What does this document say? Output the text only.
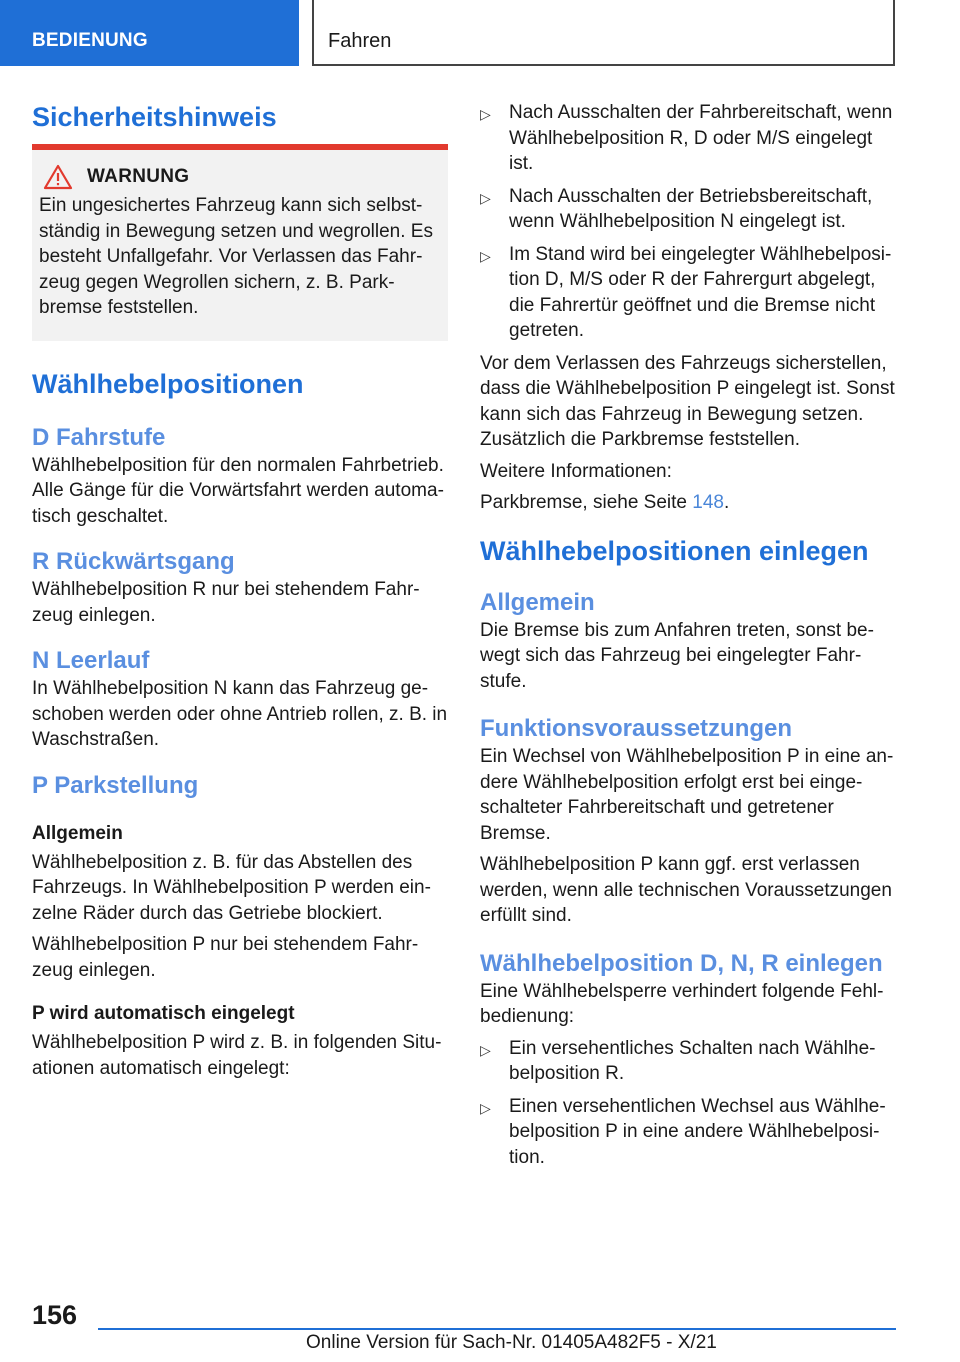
BEDIENUNG	Fahren
Sicherheitshinweis
WARNUNG
Ein ungesichertes Fahrzeug kann sich selbstständig in Bewegung setzen und wegrollen. Es besteht Unfallgefahr. Vor Verlassen das Fahrzeug gegen Wegrollen sichern, z. B. Parkbremse feststellen.
Wählhebelpositionen
D Fahrstufe
Wählhebelposition für den normalen Fahrbetrieb. Alle Gänge für die Vorwärtsfahrt werden automatisch geschaltet.
R Rückwärtsgang
Wählhebelposition R nur bei stehendem Fahrzeug einlegen.
N Leerlauf
In Wählhebelposition N kann das Fahrzeug geschoben werden oder ohne Antrieb rollen, z. B. in Waschstraßen.
P Parkstellung
Allgemein
Wählhebelposition z. B. für das Abstellen des Fahrzeugs. In Wählhebelposition P werden einzelne Räder durch das Getriebe blockiert.
Wählhebelposition P nur bei stehendem Fahrzeug einlegen.
P wird automatisch eingelegt
Wählhebelposition P wird z. B. in folgenden Situationen automatisch eingelegt:
▷ Nach Ausschalten der Fahrbereitschaft, wenn Wählhebelposition R, D oder M/S eingelegt ist.
▷ Nach Ausschalten der Betriebsbereitschaft, wenn Wählhebelposition N eingelegt ist.
▷ Im Stand wird bei eingelegter Wählhebelposition D, M/S oder R der Fahrergurt abgelegt, die Fahrertür geöffnet und die Bremse nicht getreten.
Vor dem Verlassen des Fahrzeugs sicherstellen, dass die Wählhebelposition P eingelegt ist. Sonst kann sich das Fahrzeug in Bewegung setzen. Zusätzlich die Parkbremse feststellen.
Weitere Informationen:
Parkbremse, siehe Seite 148.
Wählhebelpositionen einlegen
Allgemein
Die Bremse bis zum Anfahren treten, sonst bewegt sich das Fahrzeug bei eingelegter Fahrstufe.
Funktionsvoraussetzungen
Ein Wechsel von Wählhebelposition P in eine andere Wählhebelposition erfolgt erst bei eingeschalteter Fahrbereitschaft und getretener Bremse.
Wählhebelposition P kann ggf. erst verlassen werden, wenn alle technischen Voraussetzungen erfüllt sind.
Wählhebelposition D, N, R einlegen
Eine Wählhebelsperre verhindert folgende Fehlbedienung:
▷ Ein versehentliches Schalten nach Wählhebelposition R.
▷ Einen versehentlichen Wechsel aus Wählhebelposition P in eine andere Wählhebelposition.
156
Online Version für Sach-Nr. 01405A482F5 - X/21
